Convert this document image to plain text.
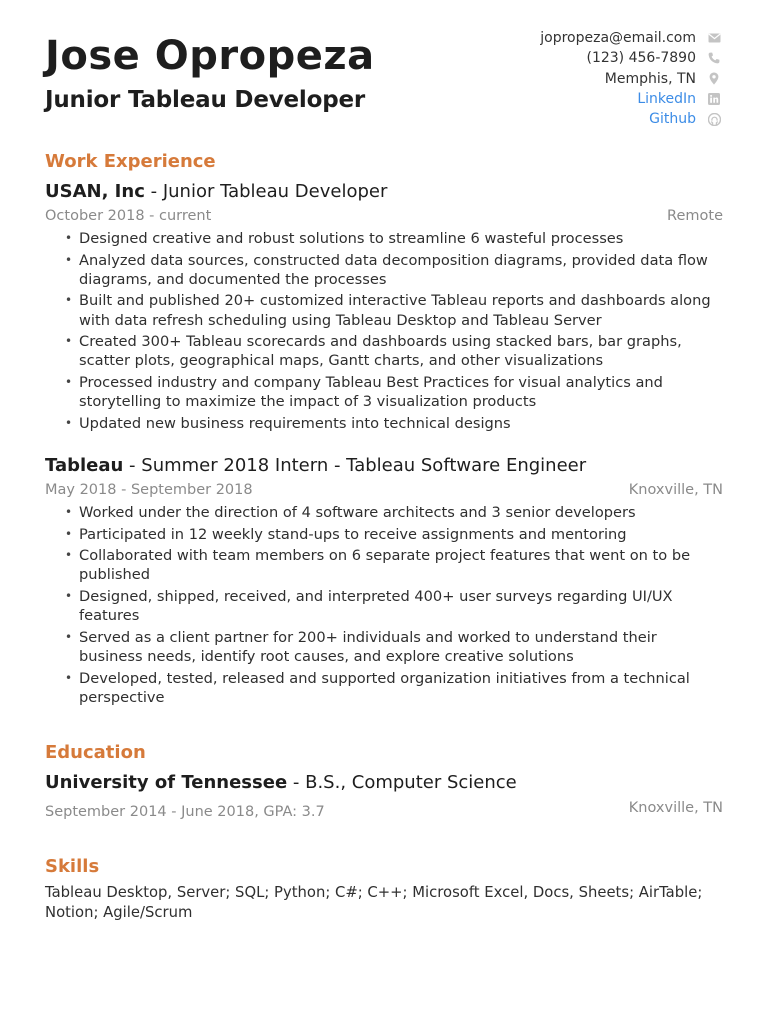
Jose Opropeza
Junior Tableau Developer
jopropeza@email.com
(123) 456-7890
Memphis, TN
LinkedIn
Github
Work Experience
USAN, Inc - Junior Tableau Developer
October 2018 - current	Remote
• Designed creative and robust solutions to streamline 6 wasteful processes
• Analyzed data sources, constructed data decomposition diagrams, provided data flow diagrams, and documented the processes
• Built and published 20+ customized interactive Tableau reports and dashboards along with data refresh scheduling using Tableau Desktop and Tableau Server
• Created 300+ Tableau scorecards and dashboards using stacked bars, bar graphs, scatter plots, geographical maps, Gantt charts, and other visualizations
• Processed industry and company Tableau Best Practices for visual analytics and storytelling to maximize the impact of 3 visualization products
• Updated new business requirements into technical designs
Tableau - Summer 2018 Intern - Tableau Software Engineer
May 2018 - September 2018	Knoxville, TN
• Worked under the direction of 4 software architects and 3 senior developers
• Participated in 12 weekly stand-ups to receive assignments and mentoring
• Collaborated with team members on 6 separate project features that went on to be published
• Designed, shipped, received, and interpreted 400+ user surveys regarding UI/UX features
• Served as a client partner for 200+ individuals and worked to understand their business needs, identify root causes, and explore creative solutions
• Developed, tested, released and supported organization initiatives from a technical perspective
Education
University of Tennessee - B.S., Computer Science
September 2014 - June 2018, GPA: 3.7	Knoxville, TN
Skills
Tableau Desktop, Server; SQL; Python; C#; C++; Microsoft Excel, Docs, Sheets; AirTable; Notion; Agile/Scrum
